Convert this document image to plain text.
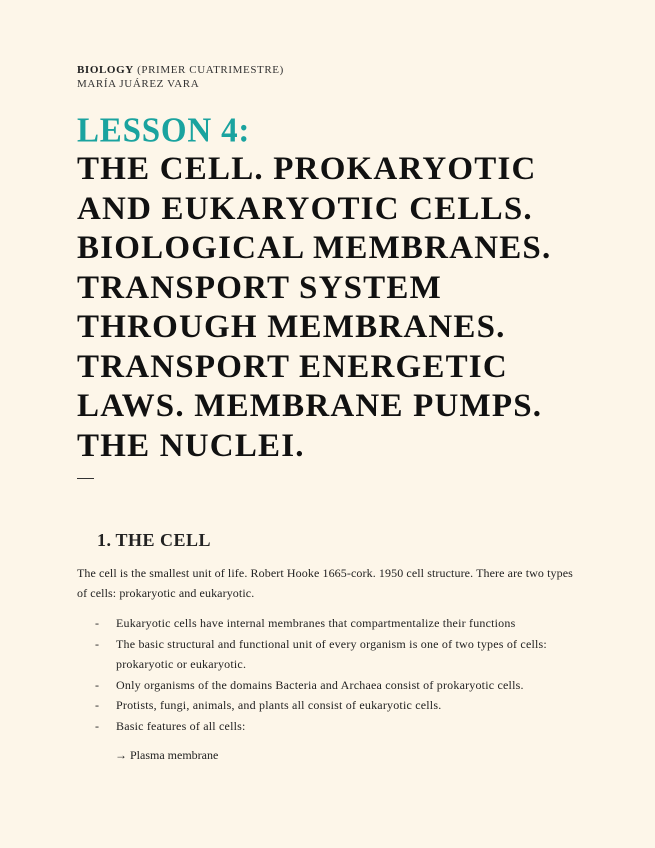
BIOLOGY (PRIMER CUATRIMESTRE)
MARÍA JUÁREZ VARA
LESSON 4:
THE CELL. PROKARYOTIC
AND EUKARYOTIC CELLS.
BIOLOGICAL MEMBRANES.
TRANSPORT SYSTEM
THROUGH MEMBRANES.
TRANSPORT ENERGETIC
LAWS. MEMBRANE PUMPS.
THE NUCLEI.
1. THE CELL
The cell is the smallest unit of life. Robert Hooke 1665-cork. 1950 cell structure. There are two types of cells: prokaryotic and eukaryotic.
- Eukaryotic cells have internal membranes that compartmentalize their functions
- The basic structural and functional unit of every organism is one of two types of cells: prokaryotic or eukaryotic.
- Only organisms of the domains Bacteria and Archaea consist of prokaryotic cells.
- Protists, fungi, animals, and plants all consist of eukaryotic cells.
- Basic features of all cells:
→ Plasma membrane
